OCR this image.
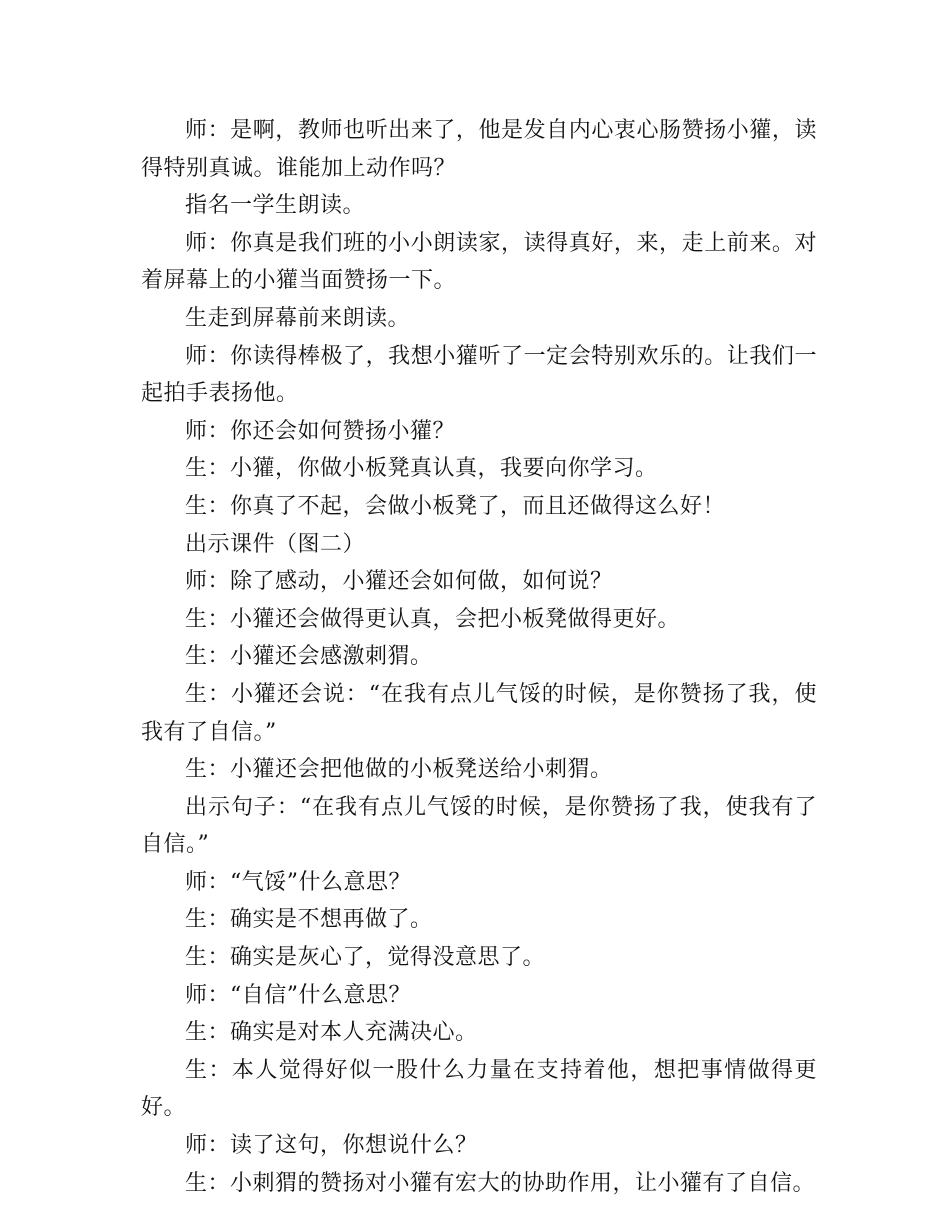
师：是啊，教师也听出来了，他是发自内心衷心肠赞扬小獾，读得特别真诚。谁能加上动作吗？

指名一学生朗读。

师：你真是我们班的小小朗读家，读得真好，来，走上前来。对着屏幕上的小獾当面赞扬一下。

生走到屏幕前来朗读。

师：你读得棒极了，我想小獾听了一定会特别欢乐的。让我们一起拍手表扬他。

师：你还会如何赞扬小獾？

生：小獾，你做小板凳真认真，我要向你学习。

生：你真了不起，会做小板凳了，而且还做得这么好！

出示课件（图二）

师：除了感动，小獾还会如何做，如何说？

生：小獾还会做得更认真，会把小板凳做得更好。

生：小獾还会感激刺猬。

生：小獾还会说：“在我有点儿气馁的时候，是你赞扬了我，使我有了自信。”

生：小獾还会把他做的小板凳送给小刺猬。

出示句子：“在我有点儿气馁的时候，是你赞扬了我，使我有了自信。”

师：“气馁”什么意思？

生：确实是不想再做了。

生：确实是灰心了，觉得没意思了。

师：“自信”什么意思？

生：确实是对本人充满决心。

生：本人觉得好似一股什么力量在支持着他，想把事情做得更好。

师：读了这句，你想说什么？

生：小刺猬的赞扬对小獾有宏大的协助作用，让小獾有了自信。
